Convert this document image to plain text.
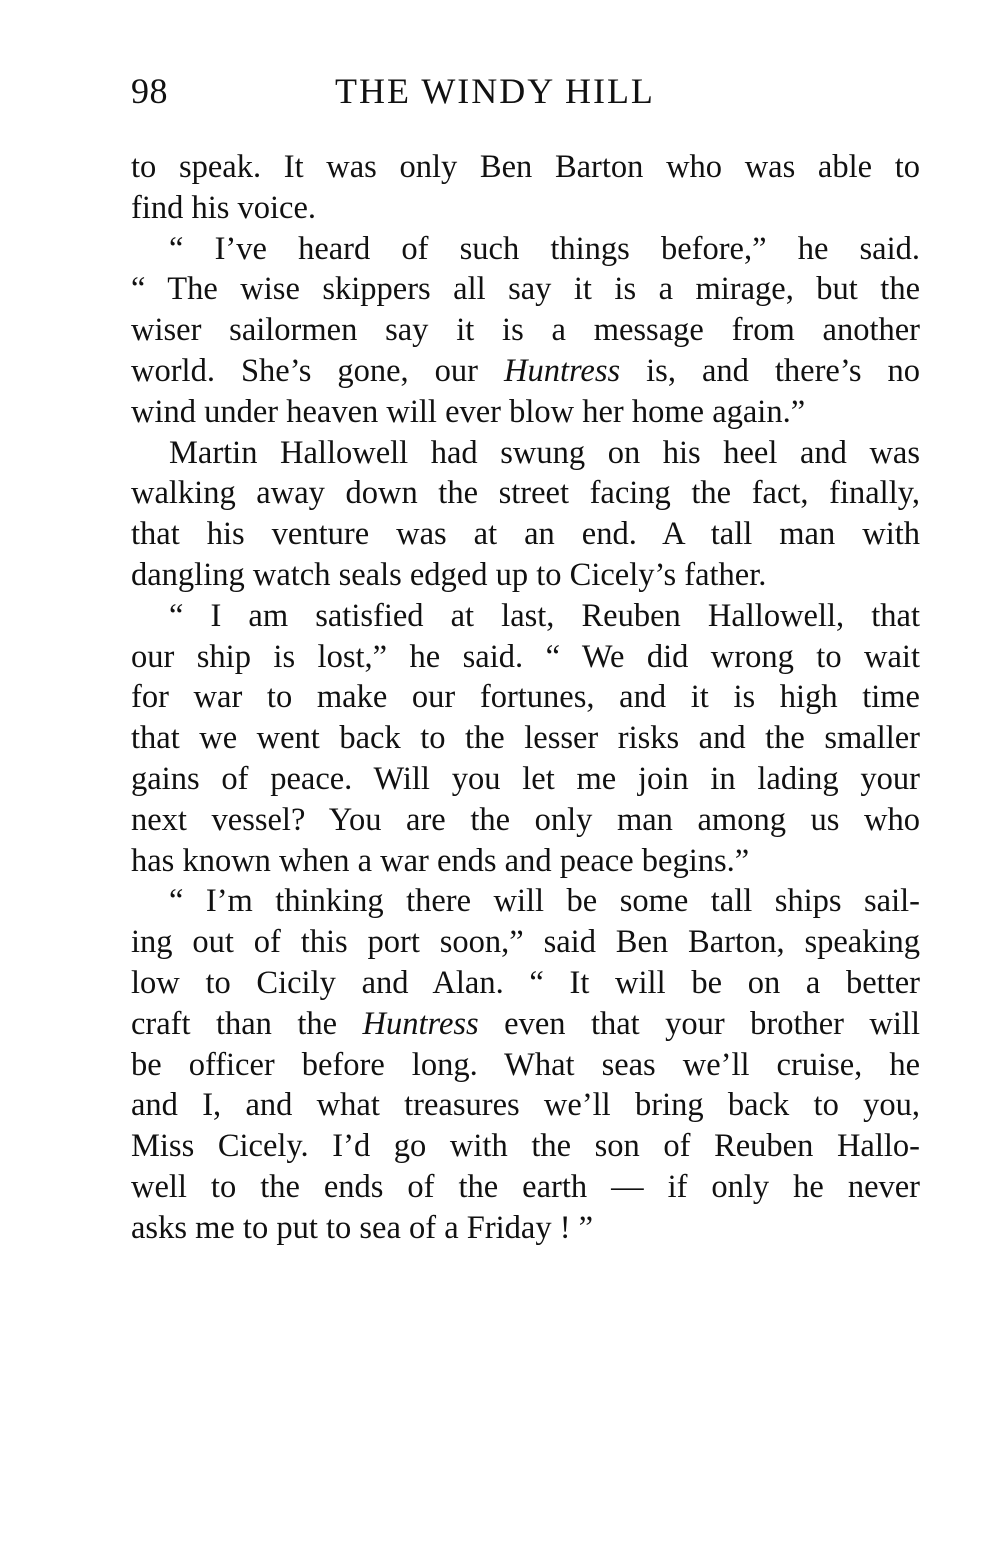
98	THE WINDY HILL
to speak. It was only Ben Barton who was able to
find his voice.
“ I’ve heard of such things before,” he said.
“ The wise skippers all say it is a mirage, but the
wiser sailormen say it is a message from another
world. She’s gone, our Huntress is, and there’s no
wind under heaven will ever blow her home again.”
Martin Hallowell had swung on his heel and was
walking away down the street facing the fact, finally,
that his venture was at an end. A tall man with
dangling watch seals edged up to Cicely’s father.
“ I am satisfied at last, Reuben Hallowell, that
our ship is lost,” he said. “ We did wrong to wait
for war to make our fortunes, and it is high time
that we went back to the lesser risks and the smaller
gains of peace. Will you let me join in lading your
next vessel? You are the only man among us who
has known when a war ends and peace begins.”
“ I’m thinking there will be some tall ships sail-
ing out of this port soon,” said Ben Barton, speaking
low to Cicily and Alan. “ It will be on a better
craft than the Huntress even that your brother will
be officer before long. What seas we’ll cruise, he
and I, and what treasures we’ll bring back to you,
Miss Cicely. I’d go with the son of Reuben Hallo-
well to the ends of the earth — if only he never
asks me to put to sea of a Friday ! ”
